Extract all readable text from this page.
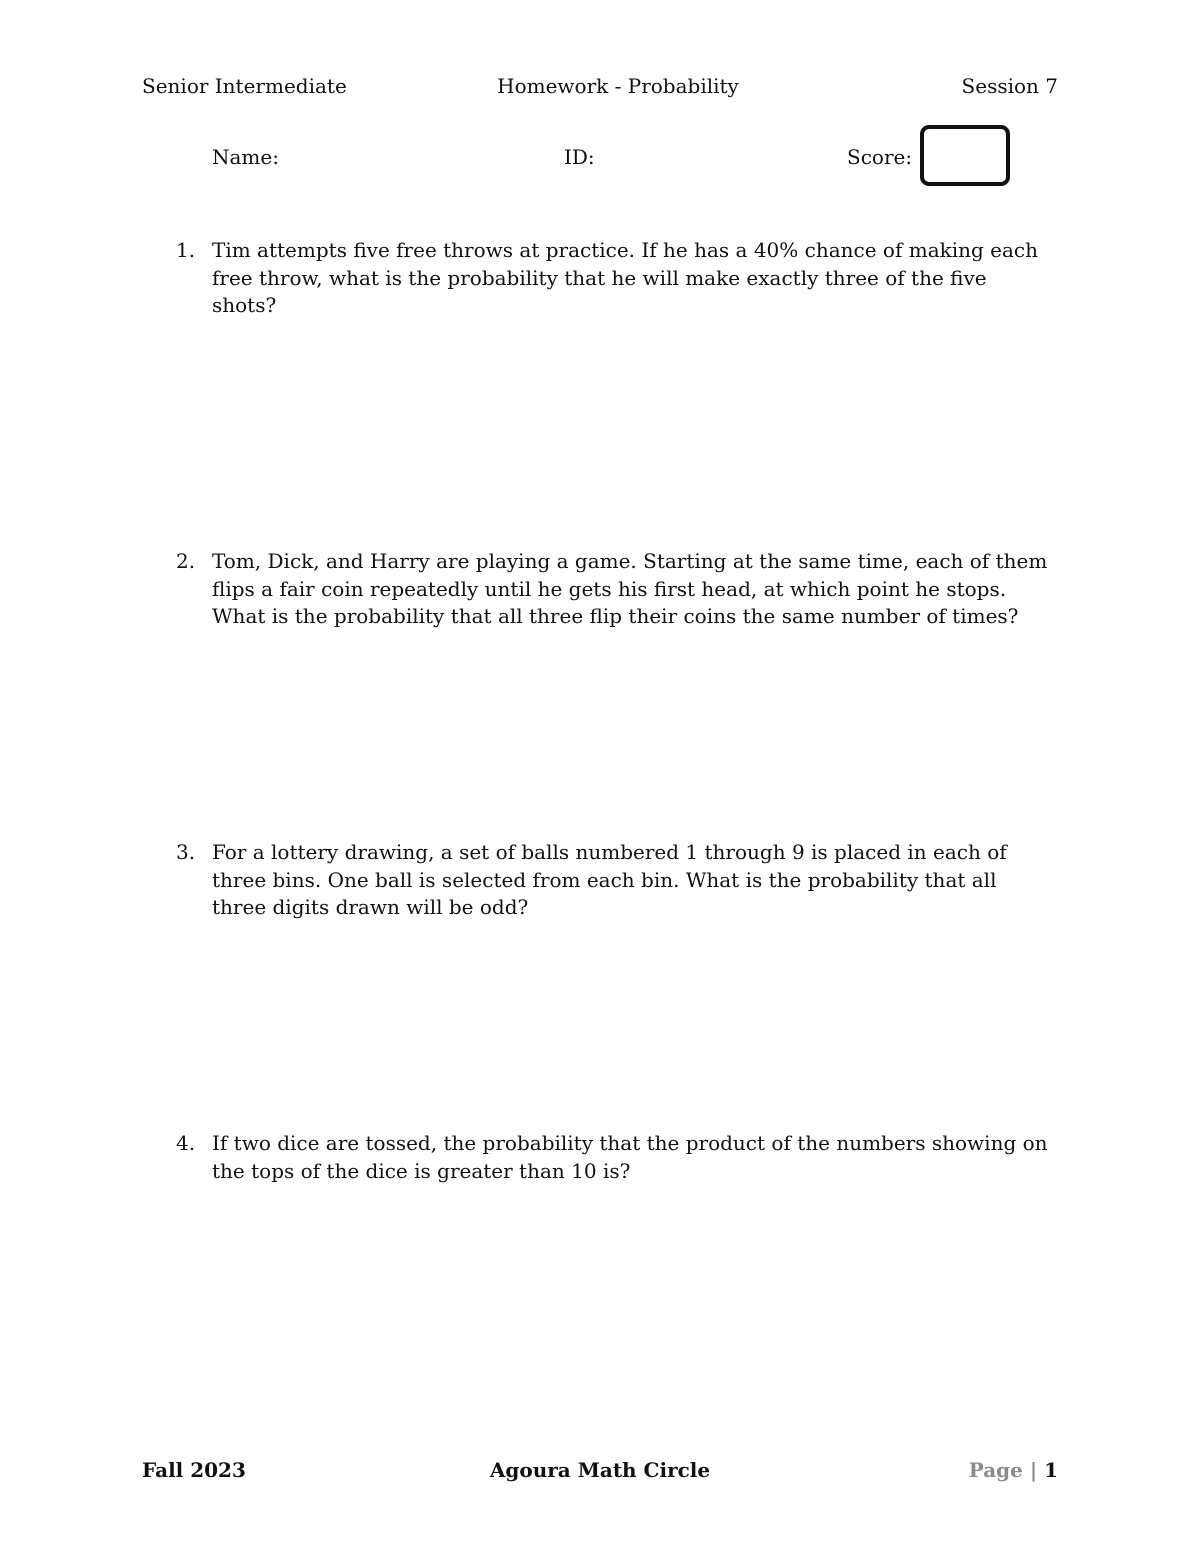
Senior Intermediate	Homework - Probability	Session 7
Name:	ID:	Score:
1. Tim attempts five free throws at practice. If he has a 40% chance of making each free throw, what is the probability that he will make exactly three of the five shots?
2. Tom, Dick, and Harry are playing a game. Starting at the same time, each of them flips a fair coin repeatedly until he gets his first head, at which point he stops. What is the probability that all three flip their coins the same number of times?
3. For a lottery drawing, a set of balls numbered 1 through 9 is placed in each of three bins. One ball is selected from each bin. What is the probability that all three digits drawn will be odd?
4. If two dice are tossed, the probability that the product of the numbers showing on the tops of the dice is greater than 10 is?
Fall 2023	Agoura Math Circle	Page | 1
